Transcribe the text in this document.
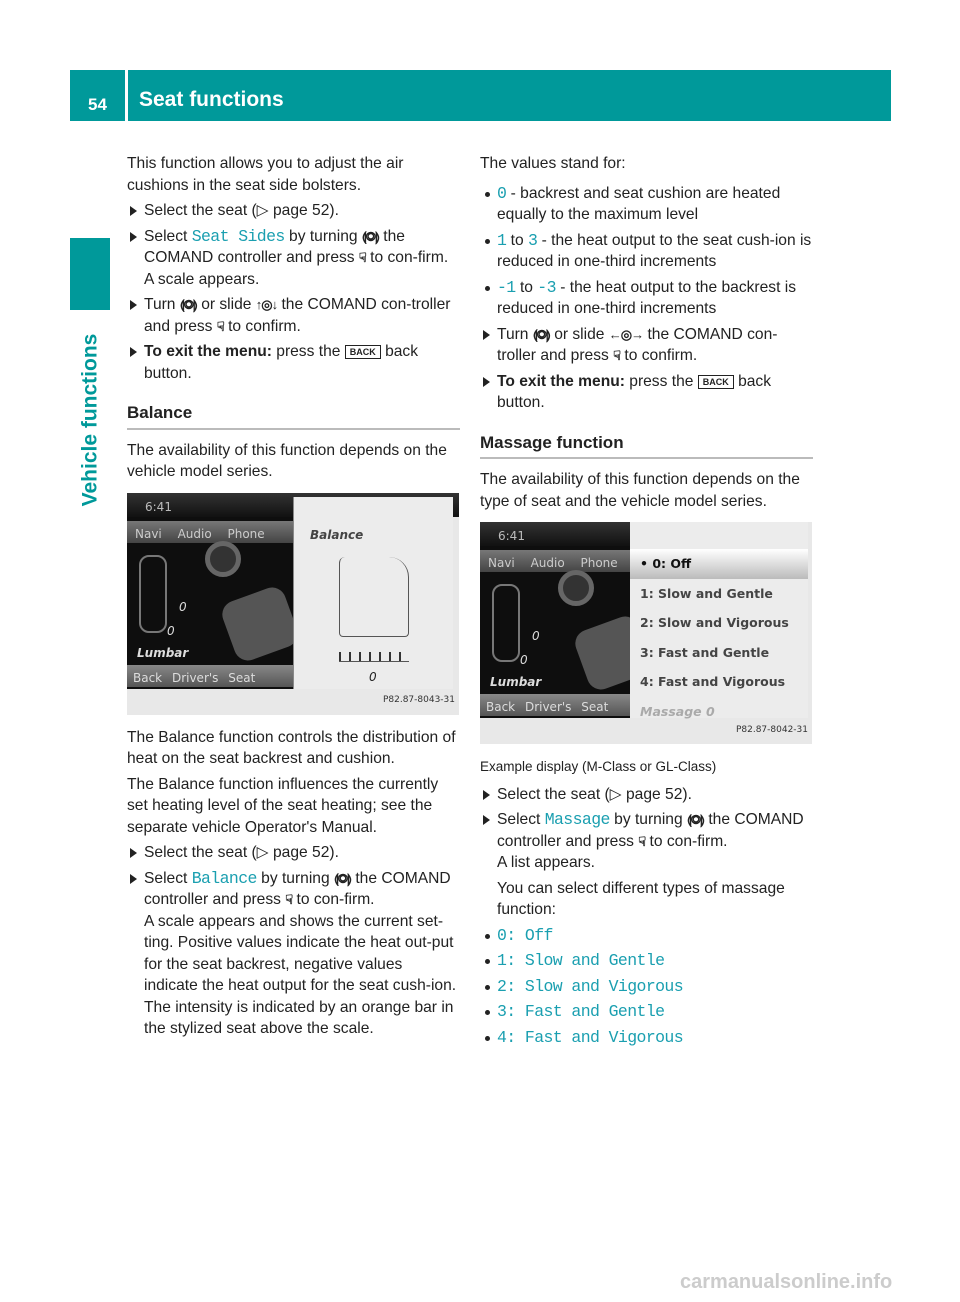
54	Seat functions
Vehicle functions

This function allows you to adjust the air cushions in the seat side bolsters.

Select the seat (▷ page 52).
Select Seat Sides by turning ⟬◎⟭ the COMAND controller and press ☟ to con-firm.
A scale appears.
Turn ⟬◎⟭ or slide ↑◎↓ the COMAND con-troller and press ☟ to confirm.
To exit the menu: press the BACK back button.
Balance

The availability of this function depends on the vehicle model series.

6:41
Navi Audio Phone
0
0
Lumbar
Back Driver's Seat
Balance
0
P82.87-8043-31

The Balance function controls the distribution of heat on the seat backrest and cushion.

The Balance function influences the currently set heating level of the seat heating; see the separate vehicle Operator's Manual.

Select the seat (▷ page 52).
Select Balance by turning ⟬◎⟭ the COMAND controller and press ☟ to con-firm.
A scale appears and shows the current set-ting. Positive values indicate the heat out-put for the seat backrest, negative values indicate the heat output for the seat cush-ion. The intensity is indicated by an orange bar in the stylized seat above the scale.

The values stand for:

0 - backrest and seat cushion are heated equally to the maximum level
1 to 3 - the heat output to the seat cush-ion is reduced in one-third increments
-1 to -3 - the heat output to the backrest is reduced in one-third increments
Turn ⟬◎⟭ or slide ←◎→ the COMAND con-troller and press ☟ to confirm.
To exit the menu: press the BACK back button.
Massage function

The availability of this function depends on the type of seat and the vehicle model series.

6:41
Navi Audio Phone
0
0
Lumbar
• 0: Off
1: Slow and Gentle
2: Slow and Vigorous
3: Fast and Gentle
4: Fast and Vigorous
Massage 0
Back Driver's Seat
P82.87-8042-31
Example display (M-Class or GL-Class)
Select the seat (▷ page 52).
Select Massage by turning ⟬◎⟭ the COMAND controller and press ☟ to con-firm.
A list appears.

You can select different types of massage function:

0: Off
1: Slow and Gentle
2: Slow and Vigorous
3: Fast and Gentle
4: Fast and Vigorous
carmanualsonline.info
